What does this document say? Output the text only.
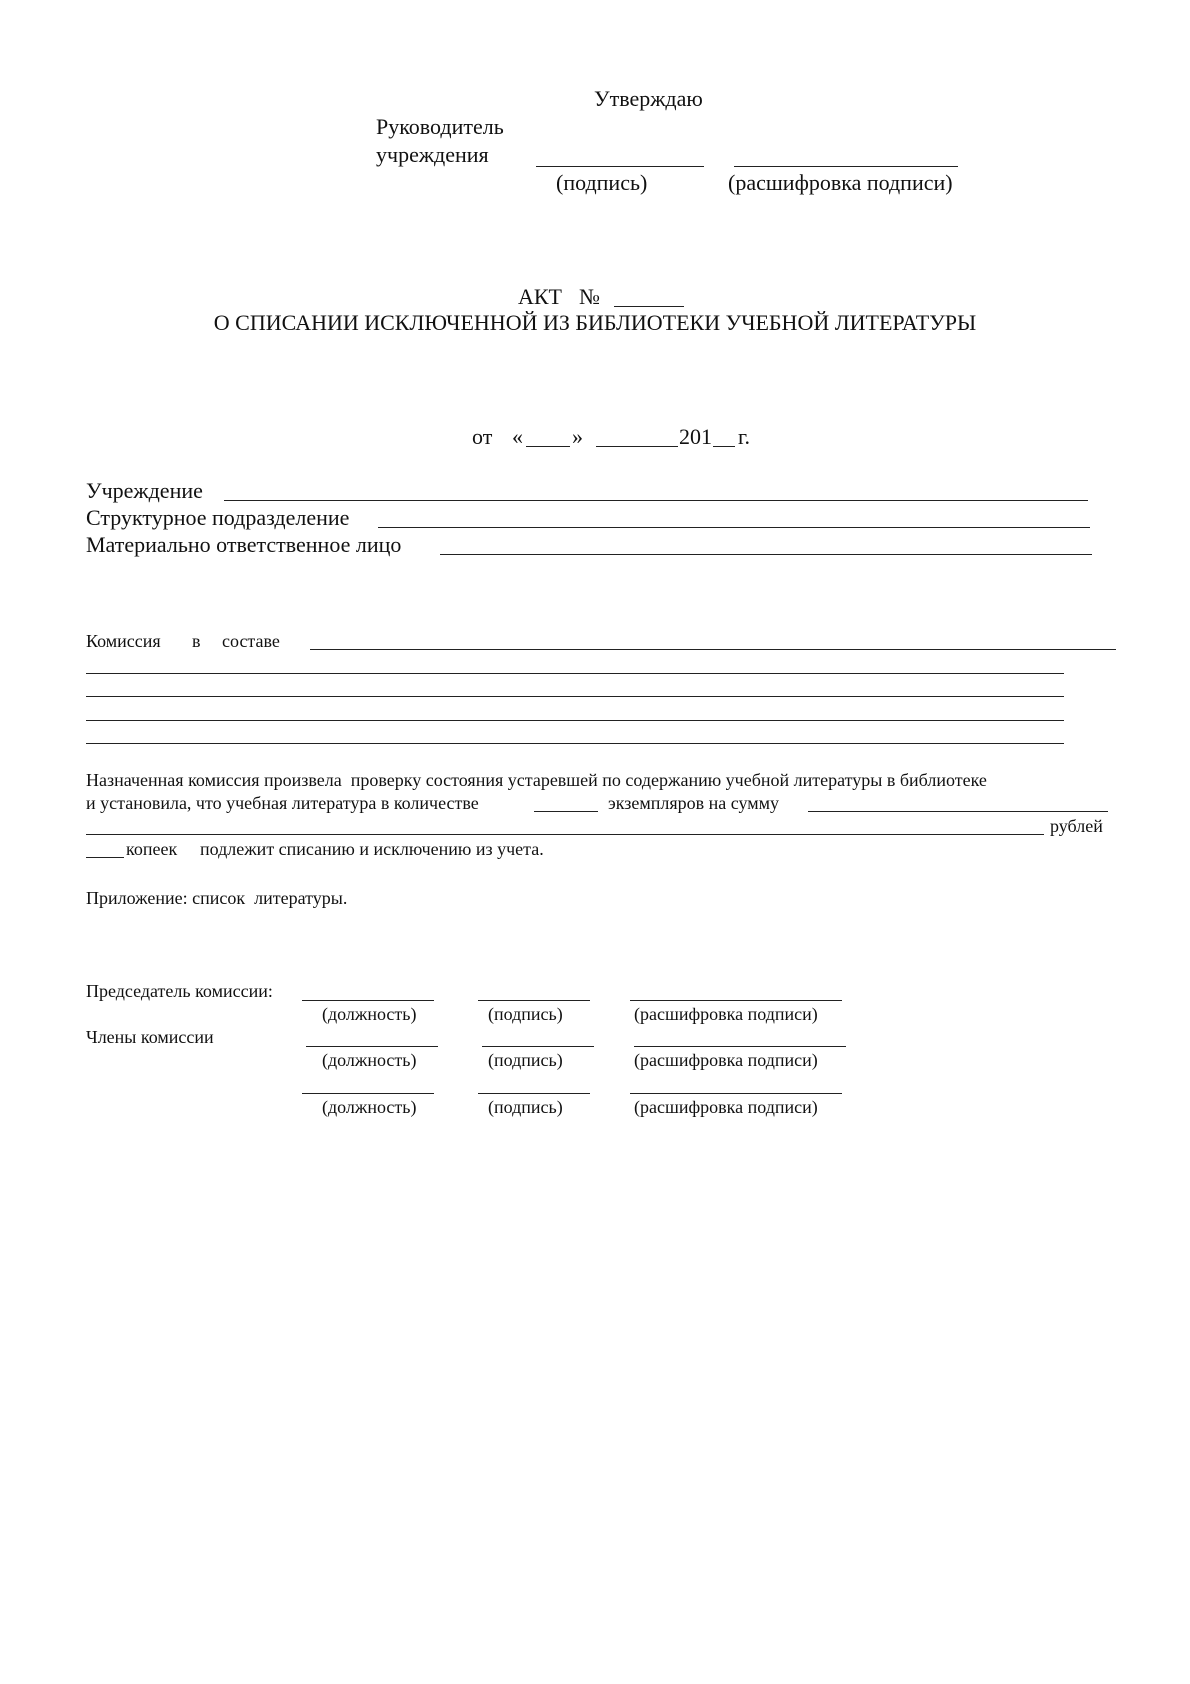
Утверждаю
Руководитель
учреждения
(подпись)	(расшифровка подписи)
АКТ №
О СПИСАНИИ ИСКЛЮЧЕННОЙ ИЗ БИБЛИОТЕКИ УЧЕБНОЙ ЛИТЕРАТУРЫ
от « »	201 г.
Учреждение
Структурное подразделение
Материально ответственное лицо
Комиссия в составе
Назначенная комиссия произвела  проверку состояния устаревшей по содержанию учебной литературы в библиотеке
и установила, что учебная литература в количестве	экземпляров на сумму
рублей
копеек подлежит списанию и исключению из учета.
Приложение: список  литературы.
Председатель комиссии:
(должность)	(подпись)	(расшифровка подписи)
Члены комиссии
(должность)	(подпись)	(расшифровка подписи)
(должность)	(подпись)	(расшифровка подписи)
